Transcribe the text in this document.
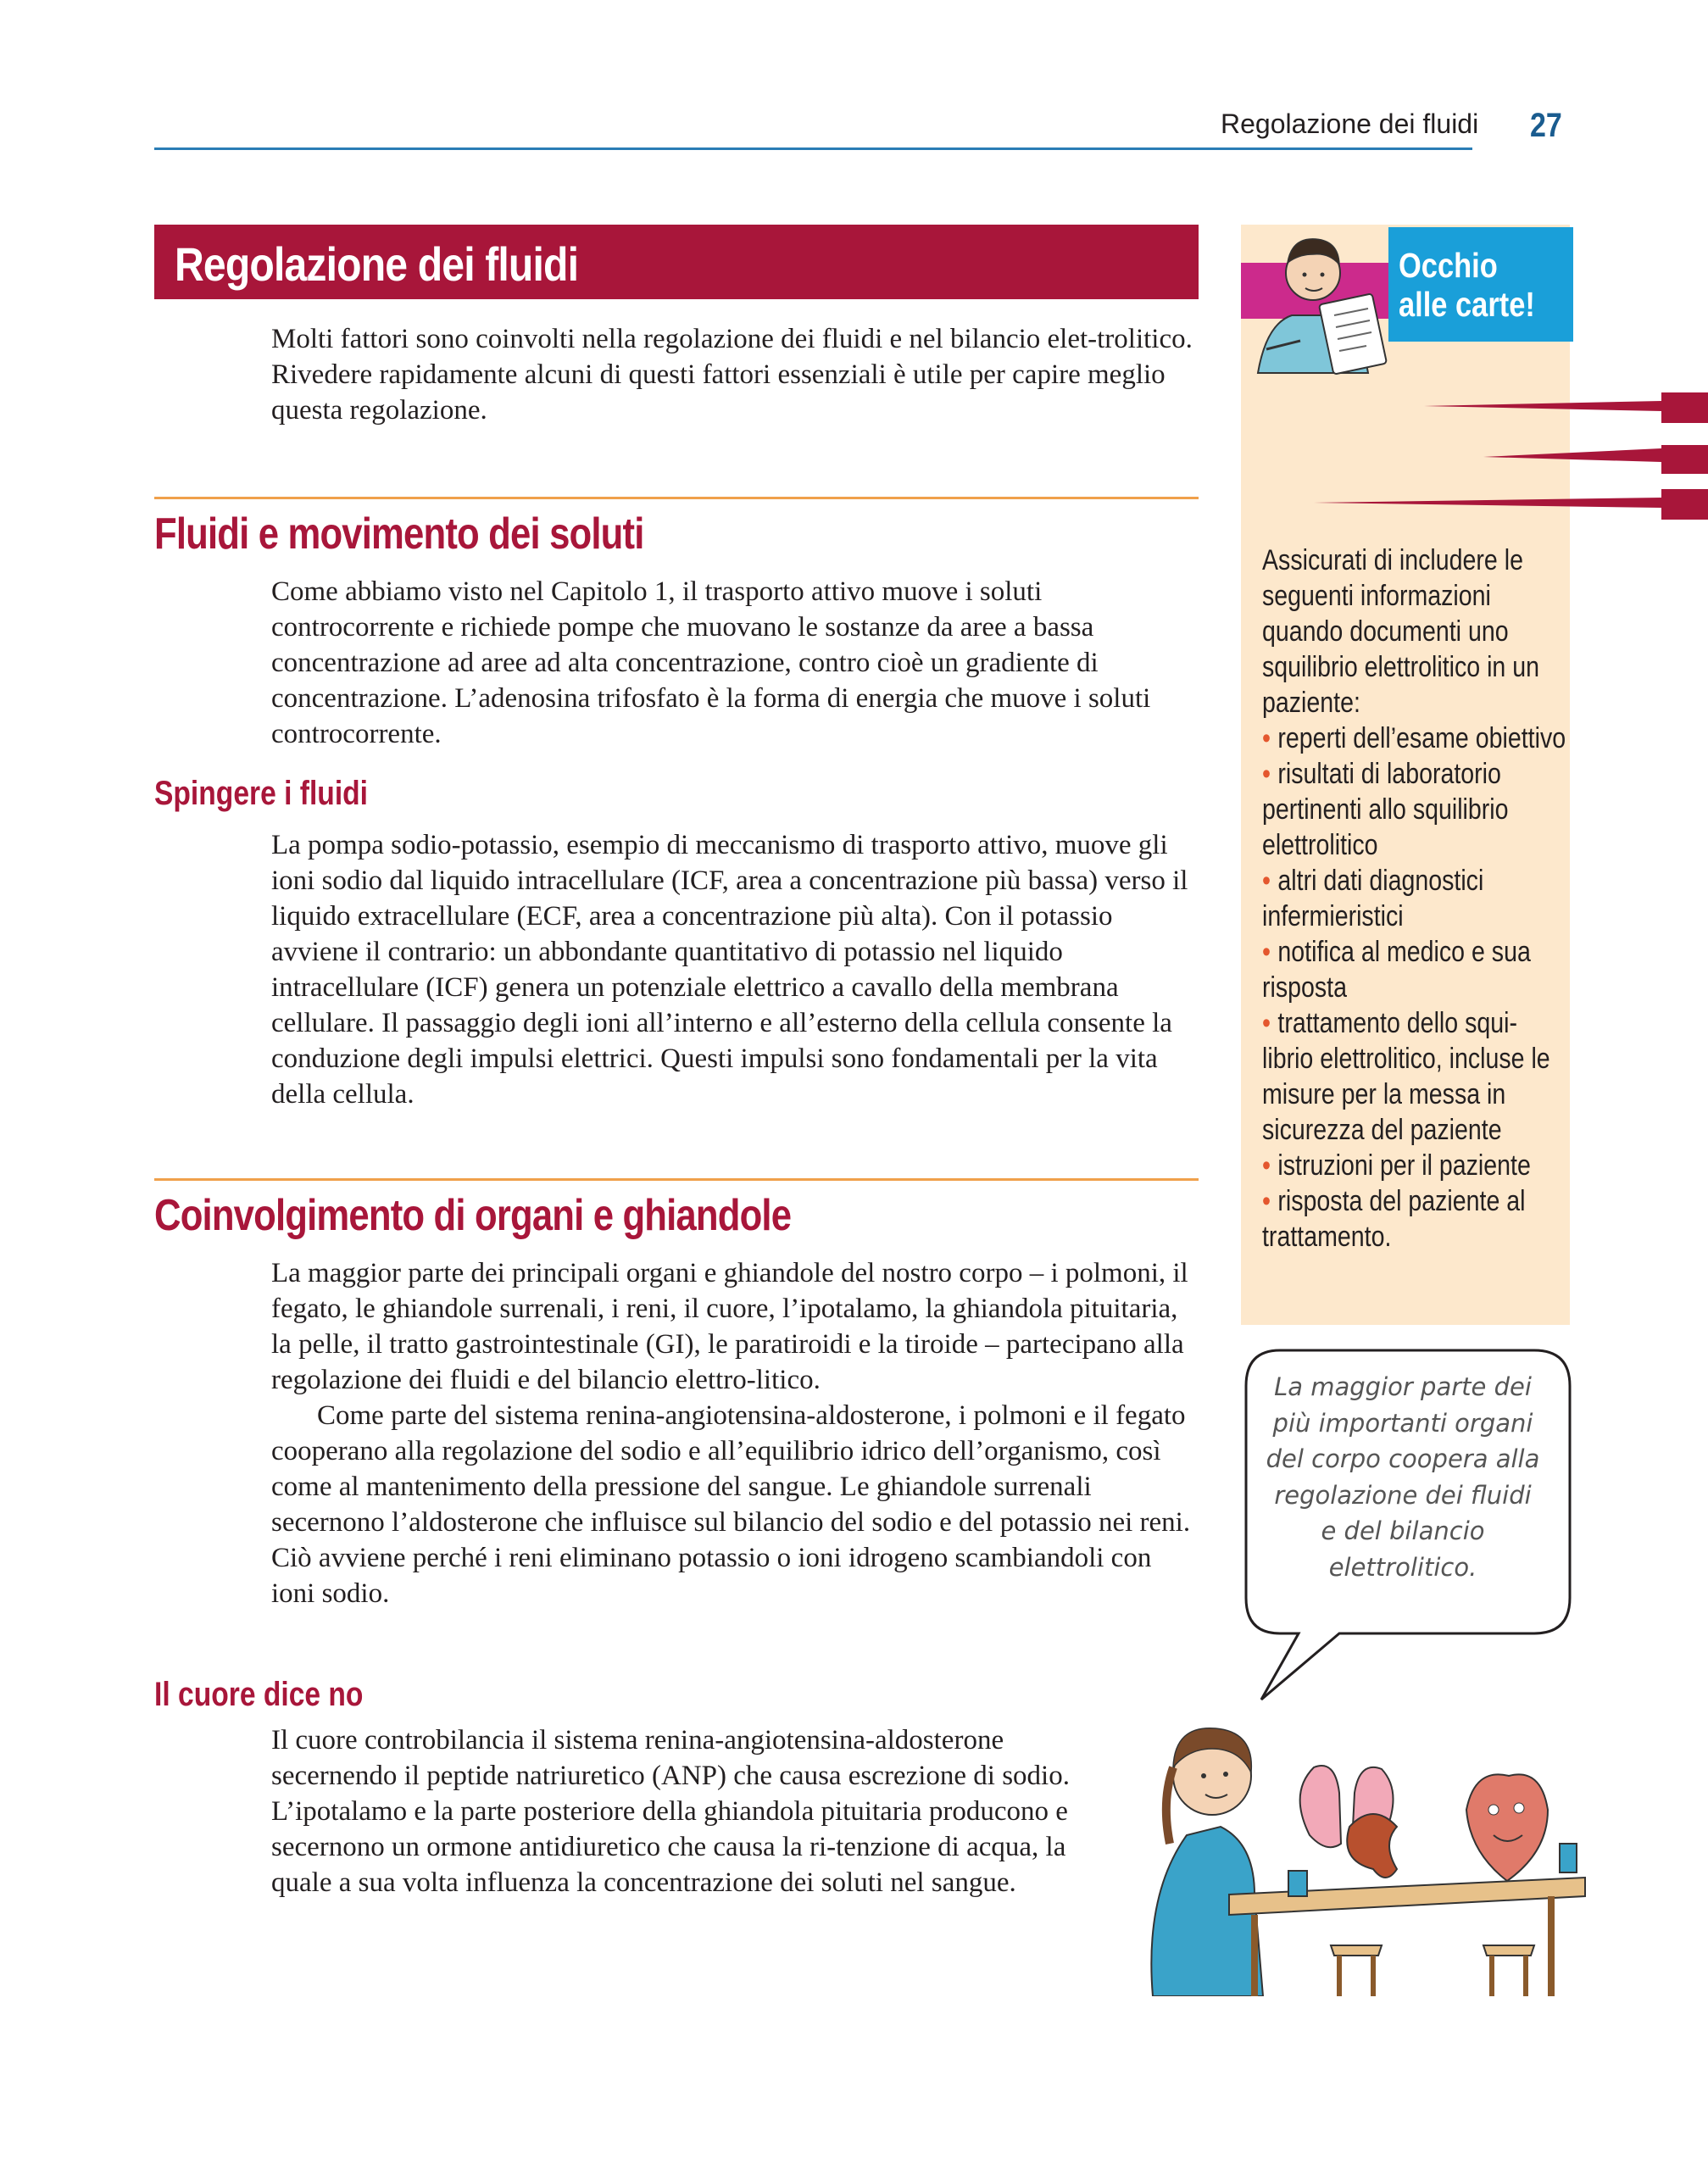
Regolazione dei fluidi 27
Regolazione dei fluidi

Molti fattori sono coinvolti nella regolazione dei fluidi e nel bilancio elet-trolitico. Rivedere rapidamente alcuni di questi fattori essenziali è utile per capire meglio questa regolazione.

Fluidi e movimento dei soluti

Come abbiamo visto nel Capitolo 1, il trasporto attivo muove i soluti controcorrente e richiede pompe che muovano le sostanze da aree a bassa concentrazione ad aree ad alta concentrazione, contro cioè un gradiente di concentrazione. L’adenosina trifosfato è la forma di energia che muove i soluti controcorrente.

Spingere i fluidi

La pompa sodio-potassio, esempio di meccanismo di trasporto attivo, muove gli ioni sodio dal liquido intracellulare (ICF, area a concentrazione più bassa) verso il liquido extracellulare (ECF, area a concentrazione più alta). Con il potassio avviene il contrario: un abbondante quantitativo di potassio nel liquido intracellulare (ICF) genera un potenziale elettrico a cavallo della membrana cellulare. Il passaggio degli ioni all’interno e all’esterno della cellula consente la conduzione degli impulsi elettrici. Questi impulsi sono fondamentali per la vita della cellula.

Coinvolgimento di organi e ghiandole

La maggior parte dei principali organi e ghiandole del nostro corpo – i polmoni, il fegato, le ghiandole surrenali, i reni, il cuore, l’ipotalamo, la ghiandola pituitaria, la pelle, il tratto gastrointestinale (GI), le paratiroidi e la tiroide – partecipano alla regolazione dei fluidi e del bilancio elettro-litico.

Come parte del sistema renina-angiotensina-aldosterone, i polmoni e il fegato cooperano alla regolazione del sodio e all’equilibrio idrico dell’organismo, così come al mantenimento della pressione del sangue. Le ghiandole surrenali secernono l’aldosterone che influisce sul bilancio del sodio e del potassio nei reni. Ciò avviene perché i reni eliminano potassio o ioni idrogeno scambiandoli con ioni sodio.

Il cuore dice no

Il cuore controbilancia il sistema renina-angiotensina-aldosterone secernendo il peptide natriuretico (ANP) che causa escrezione di sodio. L’ipotalamo e la parte posteriore della ghiandola pituitaria producono e secernono un ormone antidiuretico che causa la ri-tenzione di acqua, la quale a sua volta influenza la concentrazione dei soluti nel sangue.

Occhio
alle carte!
Assicurati di includere le seguenti informazioni quando documenti uno squilibrio elettrolitico in un paziente:
• reperti dell’esame obiettivo
• risultati di laboratorio pertinenti allo squilibrio elettrolitico
• altri dati diagnostici infermieristici
• notifica al medico e sua risposta
• trattamento dello squi-librio elettrolitico, incluse le misure per la messa in sicurezza del paziente
• istruzioni per il paziente
• risposta del paziente al trattamento.
La maggior parte dei più importanti organi del corpo coopera alla regolazione dei fluidi e del bilancio elettrolitico.
